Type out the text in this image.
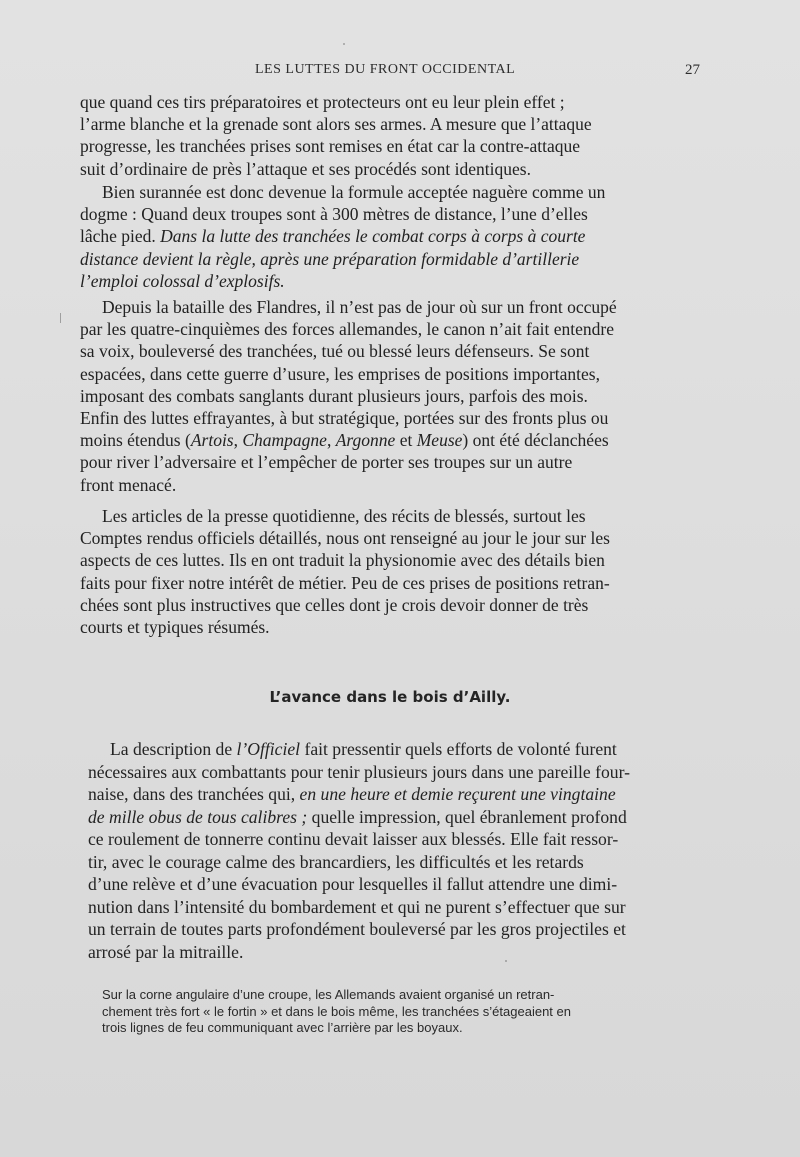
LES LUTTES DU FRONT OCCIDENTAL	27
que quand ces tirs préparatoires et protecteurs ont eu leur plein effet ;
l’arme blanche et la grenade sont alors ses armes. A mesure que l’attaque
progresse, les tranchées prises sont remises en état car la contre-attaque
suit d’ordinaire de près l’attaque et ses procédés sont identiques.
Bien surannée est donc devenue la formule acceptée naguère comme un
dogme : Quand deux troupes sont à 300 mètres de distance, l’une d’elles
lâche pied. Dans la lutte des tranchées le combat corps à corps à courte
distance devient la règle, après une préparation formidable d’artillerie
l’emploi colossal d’explosifs.
Depuis la bataille des Flandres, il n’est pas de jour où sur un front occupé
par les quatre-cinquièmes des forces allemandes, le canon n’ait fait entendre
sa voix, bouleversé des tranchées, tué ou blessé leurs défenseurs. Se sont
espacées, dans cette guerre d’usure, les emprises de positions importantes,
imposant des combats sanglants durant plusieurs jours, parfois des mois.
Enfin des luttes effrayantes, à but stratégique, portées sur des fronts plus ou
moins étendus (Artois, Champagne, Argonne et Meuse) ont été déclanchées
pour river l’adversaire et l’empêcher de porter ses troupes sur un autre
front menacé.
Les articles de la presse quotidienne, des récits de blessés, surtout les
Comptes rendus officiels détaillés, nous ont renseigné au jour le jour sur les
aspects de ces luttes. Ils en ont traduit la physionomie avec des détails bien
faits pour fixer notre intérêt de métier. Peu de ces prises de positions retran-
chées sont plus instructives que celles dont je crois devoir donner de très
courts et typiques résumés.
L’avance dans le bois d’Ailly.
La description de l’Officiel fait pressentir quels efforts de volonté furent
nécessaires aux combattants pour tenir plusieurs jours dans une pareille four-
naise, dans des tranchées qui, en une heure et demie reçurent une vingtaine
de mille obus de tous calibres ; quelle impression, quel ébranlement profond
ce roulement de tonnerre continu devait laisser aux blessés. Elle fait ressor-
tir, avec le courage calme des brancardiers, les difficultés et les retards
d’une relève et d’une évacuation pour lesquelles il fallut attendre une dimi-
nution dans l’intensité du bombardement et qui ne purent s’effectuer que sur
un terrain de toutes parts profondément bouleversé par les gros projectiles et
arrosé par la mitraille.
Sur la corne angulaire d’une croupe, les Allemands avaient organisé un retran-
chement très fort « le fortin » et dans le bois même, les tranchées s’étageaient en
trois lignes de feu communiquant avec l’arrière par les boyaux.
